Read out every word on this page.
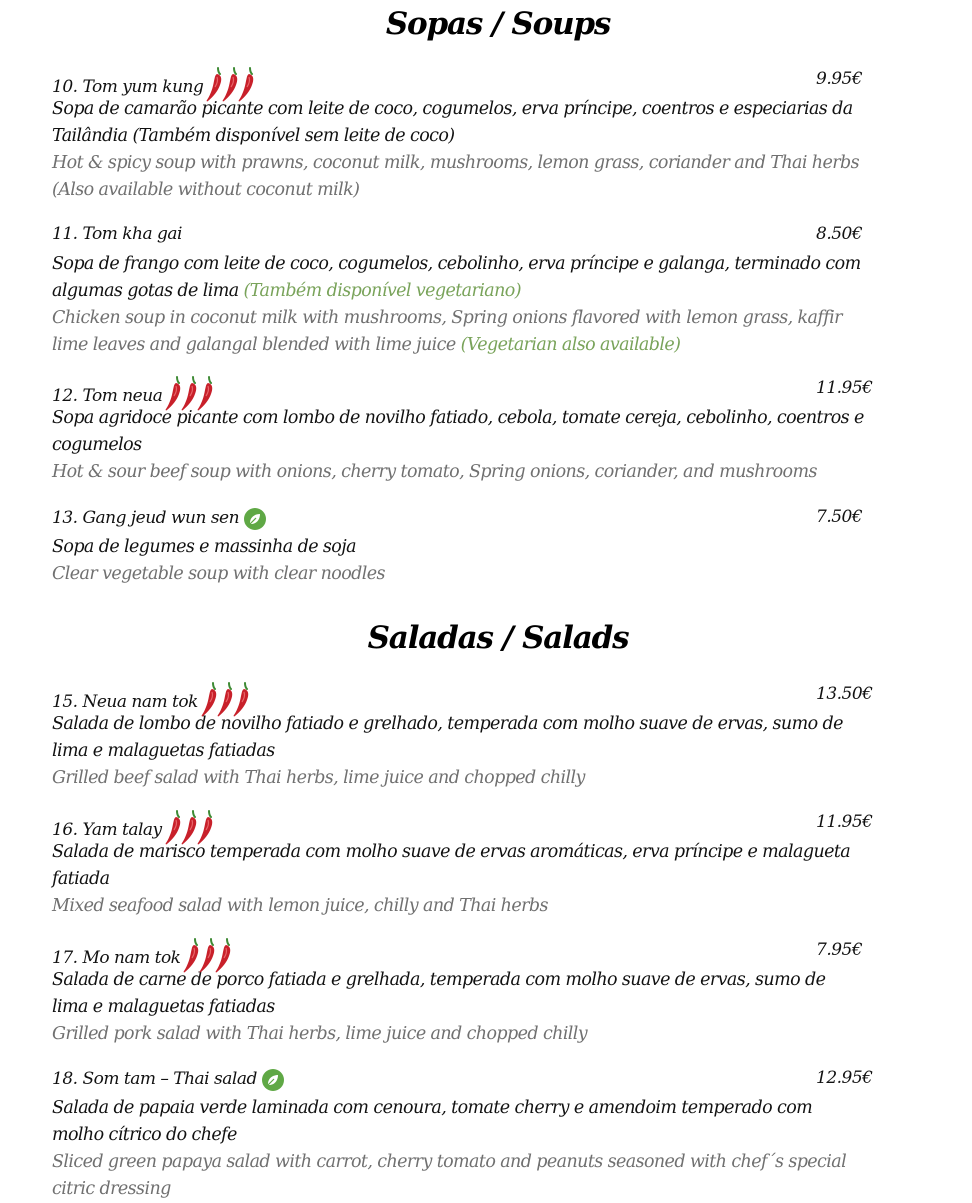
Sopas / Soups
10.
Tom yum kung	9.95€
Sopa de camarão picante com leite de coco, cogumelos, erva príncipe, coentros e especiarias da
Tailândia (Também disponível sem leite de coco)
Hot & spicy soup with prawns, coconut milk, mushrooms, lemon grass, coriander and Thai herbs
(Also available without coconut milk)
11.
Tom kha gai	8.50€
Sopa de frango com leite de coco, cogumelos, cebolinho, erva príncipe e galanga, terminado com
algumas gotas de lima (Também disponível vegetariano)
Chicken soup in coconut milk with mushrooms, Spring onions flavored with lemon grass, kaffir
lime leaves and galangal blended with lime juice (Vegetarian also available)
12.
Tom neua	11.95€
Sopa agridoce picante com lombo de novilho fatiado, cebola, tomate cereja, cebolinho, coentros e
cogumelos
Hot & sour beef soup with onions, cherry tomato, Spring onions, coriander, and mushrooms
13.
Gang jeud wun sen	7.50€
Sopa de legumes e massinha de soja
Clear vegetable soup with clear noodles
Saladas / Salads
15.
Neua nam tok	13.50€
Salada de lombo de novilho fatiado e grelhado, temperada com molho suave de ervas, sumo de
lima e malaguetas fatiadas
Grilled beef salad with Thai herbs, lime juice and chopped chilly
16.
Yam talay	11.95€
Salada de marisco temperada com molho suave de ervas aromáticas, erva príncipe e malagueta
fatiada
Mixed seafood salad with lemon juice, chilly and Thai herbs
17.
Mo nam tok	7.95€
Salada de carne de porco fatiada e grelhada, temperada com molho suave de ervas, sumo de
lima e malaguetas fatiadas
Grilled pork salad with Thai herbs, lime juice and chopped chilly
18.
Som tam – Thai salad	12.95€
Salada de papaia verde laminada com cenoura, tomate cherry e amendoim temperado com
molho cítrico do chefe
Sliced green papaya salad with carrot, cherry tomato and peanuts seasoned with chef´s special
citric dressing
